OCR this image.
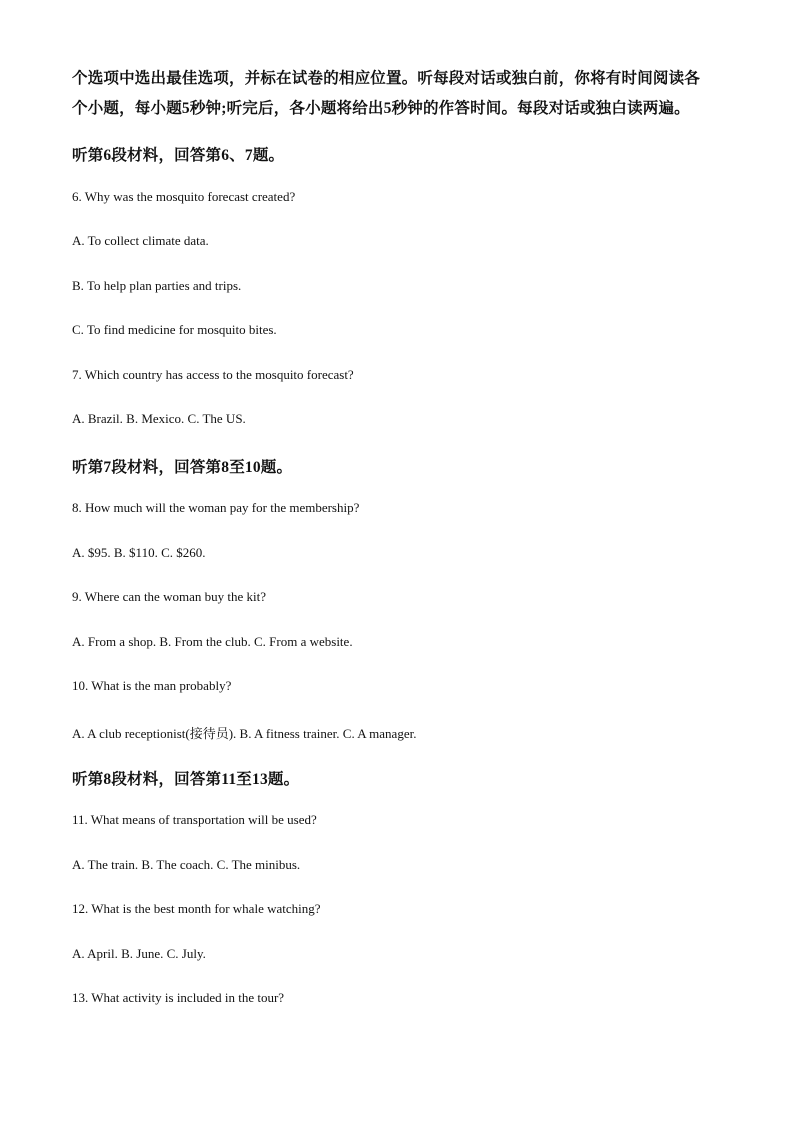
个选项中选出最佳选项，并标在试卷的相应位置。听每段对话或独白前，你将有时间阅读各

个小题，每小题5秒钟;听完后，各小题将给出5秒钟的作答时间。每段对话或独白读两遍。

听第6段材料，回答第6、7题。
6. Why was the mosquito forecast created?
A. To collect climate data.
B. To help plan parties and trips.
C. To find medicine for mosquito bites.
7. Which country has access to the mosquito forecast?
A. Brazil. B. Mexico. C. The US.
听第7段材料，回答第8至10题。
8. How much will the woman pay for the membership?
A. $95. B. $110. C. $260.
9. Where can the woman buy the kit?
A. From a shop. B. From the club. C. From a website.
10. What is the man probably?
A. A club receptionist(接待员). B. A fitness trainer. C. A manager.
听第8段材料，回答第11至13题。
11. What means of transportation will be used?
A. The train. B. The coach. C. The minibus.
12. What is the best month for whale watching?
A. April. B. June. C. July.
13. What activity is included in the tour?
